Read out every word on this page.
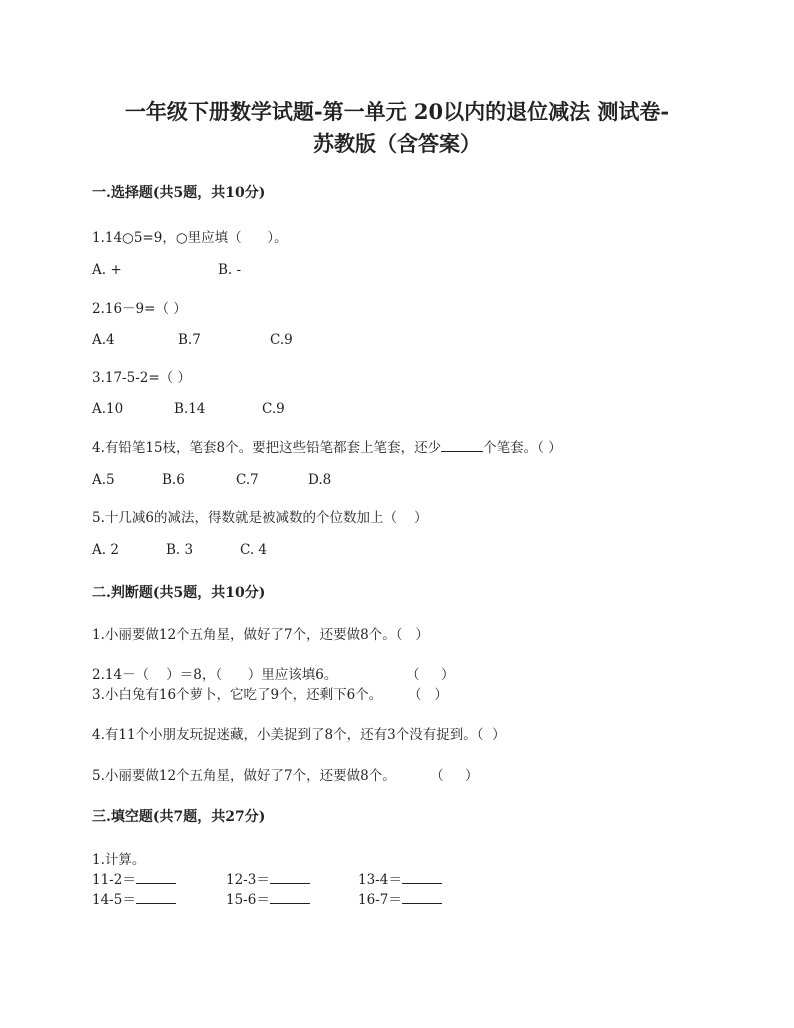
一年级下册数学试题-第一单元 20以内的退位减法 测试卷-
苏教版（含答案）
一.选择题(共5题，共10分)
1.14○5=9，○里应填（      ）。
A. +	B. -
2.16－9=（ ）
A.4	B.7	C.9
3.17-5-2=（ ）
A.10	B.14	C.9
4.有铅笔15枝，笔套8个。要把这些铅笔都套上笔套，还少	个笔套。（ ）
A.5	B.6	C.7	D.8
5.十几减6的减法，得数就是被减数的个位数加上（    ）
A. 2	B. 3	C. 4
二.判断题(共5题，共10分)
1.小丽要做12个五角星，做好了7个，还要做8个。（   ）
2.14－（    ）＝8，（      ）里应该填6。                （     ）
3.小白兔有16个萝卜，它吃了9个，还剩下6个。      （   ）
4.有11个小朋友玩捉迷藏，小美捉到了8个，还有3个没有捉到。（  ）
5.小丽要做12个五角星，做好了7个，还要做8个。        （     ）
三.填空题(共7题，共27分)
1.计算。
11-2＝	12-3＝	13-4＝
14-5＝	15-6＝	16-7＝
